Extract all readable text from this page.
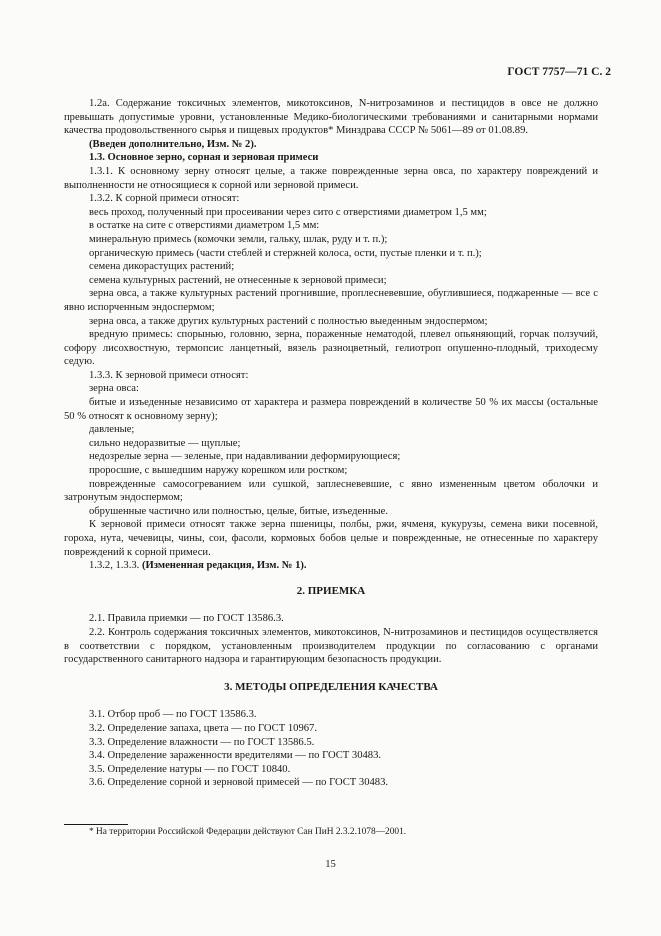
ГОСТ 7757—71 С. 2

1.2а. Содержание токсичных элементов, микотоксинов, N-нитрозаминов и пестицидов в овсе не должно превышать допустимые уровни, установленные Медико-биологическими требованиями и санитарными нормами качества продовольственного сырья и пищевых продуктов* Минздрава СССР № 5061—89 от 01.08.89.

(Введен дополнительно, Изм. № 2).

1.3. Основное зерно, сорная и зерновая примеси

1.3.1. К основному зерну относят целые, а также поврежденные зерна овса, по характеру повреждений и выполненности не относящиеся к сорной или зерновой примеси.

1.3.2. К сорной примеси относят:

весь проход, полученный при просеивании через сито с отверстиями диаметром 1,5 мм;

в остатке на сите с отверстиями диаметром 1,5 мм:

минеральную примесь (комочки земли, гальку, шлак, руду и т. п.);

органическую примесь (части стеблей и стержней колоса, ости, пустые пленки и т. п.);

семена дикорастущих растений;

семена культурных растений, не отнесенные к зерновой примеси;

зерна овса, а также культурных растений прогнившие, проплесневевшие, обуглившиеся, поджаренные — все с явно испорченным эндоспермом;

зерна овса, а также других культурных растений с полностью выеденным эндоспермом;

вредную примесь: спорынью, головню, зерна, пораженные нематодой, плевел опьяняющий, горчак ползучий, софору лисохвостную, термопсис ланцетный, вязель разноцветный, гелиотроп опушенно-плодный, триходесму седую.

1.3.3. К зерновой примеси относят:

зерна овса:

битые и изъеденные независимо от характера и размера повреждений в количестве 50 % их массы (остальные 50 % относят к основному зерну);

давленые;

сильно недоразвитые — щуплые;

недозрелые зерна — зеленые, при надавливании деформирующиеся;

проросшие, с вышедшим наружу корешком или ростком;

поврежденные самосогреванием или сушкой, заплесневевшие, с явно измененным цветом оболочки и затронутым эндоспермом;

обрушенные частично или полностью, целые, битые, изъеденные.

К зерновой примеси относят также зерна пшеницы, полбы, ржи, ячменя, кукурузы, семена вики посевной, гороха, нута, чечевицы, чины, сои, фасоли, кормовых бобов целые и поврежденные, не отнесенные по характеру повреждений к сорной примеси.

1.3.2, 1.3.3. (Измененная редакция, Изм. № 1).

2. ПРИЕМКА

2.1. Правила приемки — по ГОСТ 13586.3.

2.2. Контроль содержания токсичных элементов, микотоксинов, N-нитрозаминов и пестицидов осуществляется в соответствии с порядком, установленным производителем продукции по согласованию с органами государственного санитарного надзора и гарантирующим безопасность продукции.

3. МЕТОДЫ ОПРЕДЕЛЕНИЯ КАЧЕСТВА

3.1. Отбор проб — по ГОСТ 13586.3.

3.2. Определение запаха, цвета — по ГОСТ 10967.

3.3. Определение влажности — по ГОСТ 13586.5.

3.4. Определение зараженности вредителями — по ГОСТ 30483.

3.5. Определение натуры — по ГОСТ 10840.

3.6. Определение сорной и зерновой примесей — по ГОСТ 30483.

* На территории Российской Федерации действуют Сан ПиН 2.3.2.1078—2001.
15
